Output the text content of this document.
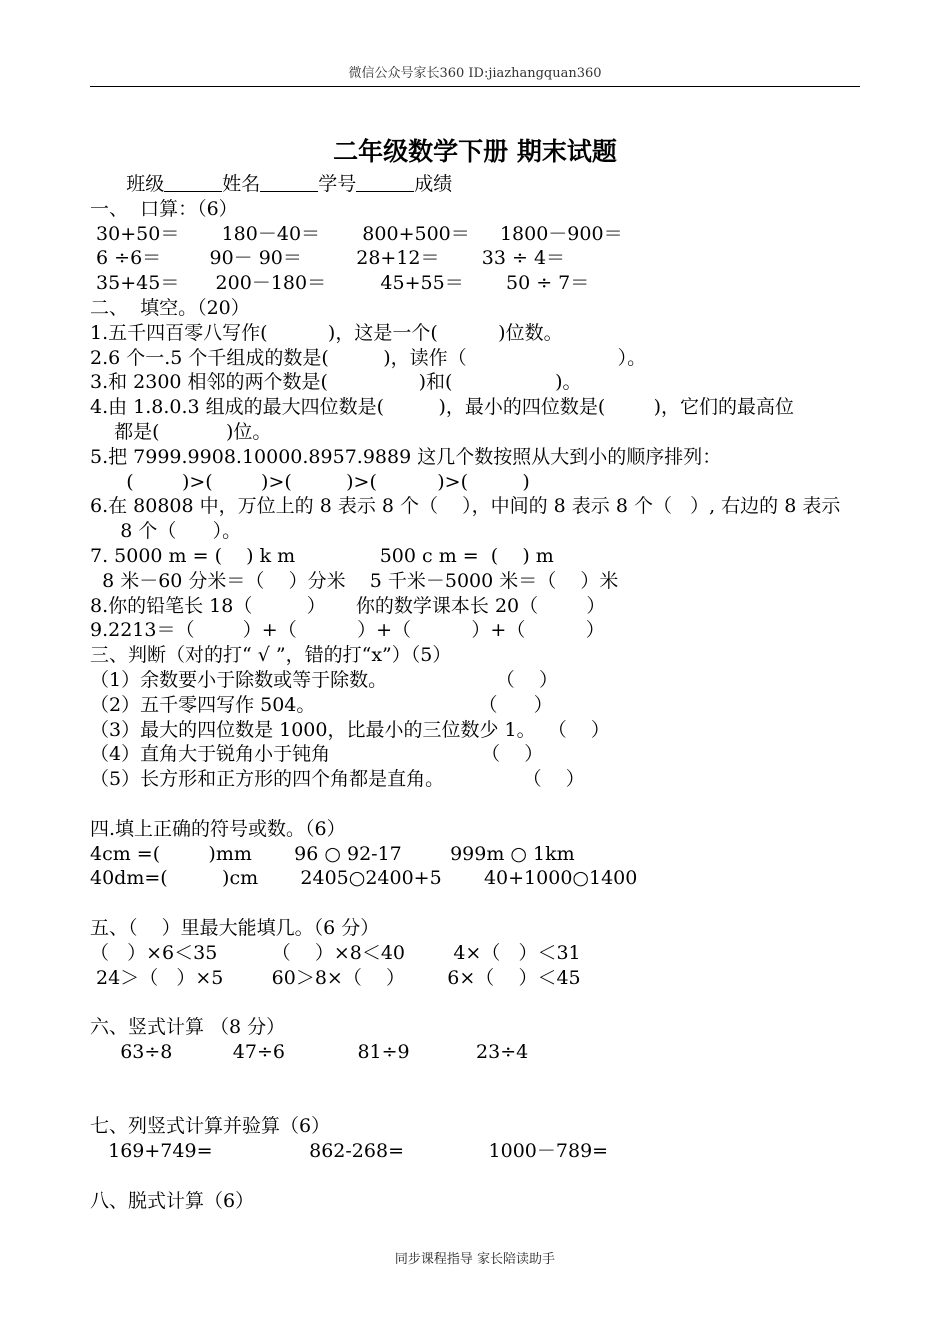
微信公众号家长360 ID:jiazhangquan360
二年级数学下册 期末试题
班级	姓名	学号	成绩
一、  口算：（6）
30+50＝       180－40＝       800+500＝     1800－900＝
6 ÷6＝        90－ 90＝         28+12＝       33 ÷ 4＝
35+45＝      200－180＝         45+55＝       50 ÷ 7＝
二、  填空。（20）
1.五千四百零八写作(          )，这是一个(          )位数。
2.6 个一.5 个千组成的数是(         )，读作（                         ）。
3.和 2300 相邻的两个数是(               )和(                 )。
4.由 1.8.0.3 组成的最大四位数是(         )，最小的四位数是(        )，它们的最高位
都是(           )位。
5.把 7999.9908.10000.8957.9889 这几个数按照从大到小的顺序排列：
(        )>(        )>(         )>(          )>(         )
6.在 80808 中，万位上的 8 表示 8 个（    ），中间的 8 表示 8 个（   ）, 右边的 8 表示
8 个（      ）。
7. 5000 m = (    ) k m              500 c m =  (    ) m
8 米－60 分米＝（    ）分米    5 千米－5000 米＝（    ）米
8.你的铅笔长 18（         ）     你的数学课本长 20（        ）
9.2213＝（        ）+（          ）+（          ）+（          ）
三、判断（对的打“ √ ”，错的打“x”）（5）
（1）余数要小于除数或等于除数。                  （    ）
（2）五千零四写作 504。                           （      ）
（3）最大的四位数是 1000，比最小的三位数少 1。  （    ）
（4）直角大于锐角小于钝角                         （    ）
（5）长方形和正方形的四个角都是直角。             （    ）

四.填上正确的符号或数。（6）
4cm =(        )mm       96 ○ 92-17        999m ○ 1km
40dm=(         )cm       2405○2400+5       40+1000○1400

五、（    ）里最大能填几。（6 分）
（   ）×6＜35         （    ）×8＜40        4×（   ）＜31
24＞（   ）×5        60＞8×（    ）       6×（    ）＜45

六、竖式计算 （8 分）
63÷8          47÷6            81÷9           23÷4

七、列竖式计算并验算（6）
169+749=                862-268=              1000－789=

八、脱式计算（6）
同步课程指导 家长陪读助手
